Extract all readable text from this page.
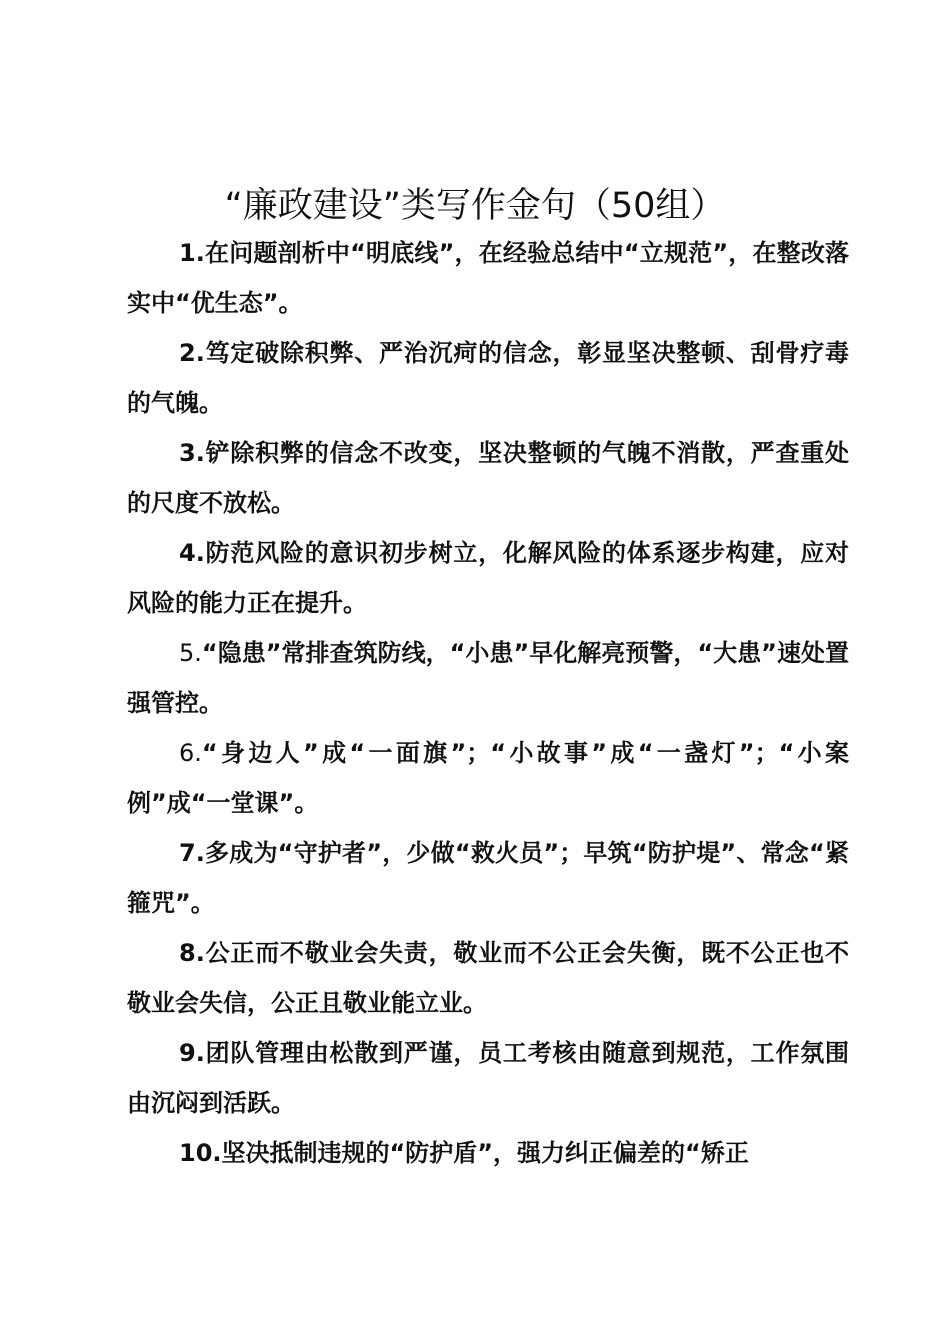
“廉政建设”类写作金句（50组）

1.在问题剖析中“明底线”，在经验总结中“立规范”，在整改落实中“优生态”。

2.笃定破除积弊、严治沉疴的信念，彰显坚决整顿、刮骨疗毒的气魄。

3.铲除积弊的信念不改变，坚决整顿的气魄不消散，严查重处的尺度不放松。

4.防范风险的意识初步树立，化解风险的体系逐步构建，应对风险的能力正在提升。

5.“隐患”常排查筑防线，“小患”早化解亮预警，“大患”速处置强管控。

6.“身边人”成“一面旗”；“小故事”成“一盏灯”；“小案例”成“一堂课”。

7.多成为“守护者”，少做“救火员”；早筑“防护堤”、常念“紧箍咒”。

8.公正而不敬业会失责，敬业而不公正会失衡，既不公正也不敬业会失信，公正且敬业能立业。

9.团队管理由松散到严谨，员工考核由随意到规范，工作氛围由沉闷到活跃。

10.坚决抵制违规的“防护盾”，强力纠正偏差的“矫正
